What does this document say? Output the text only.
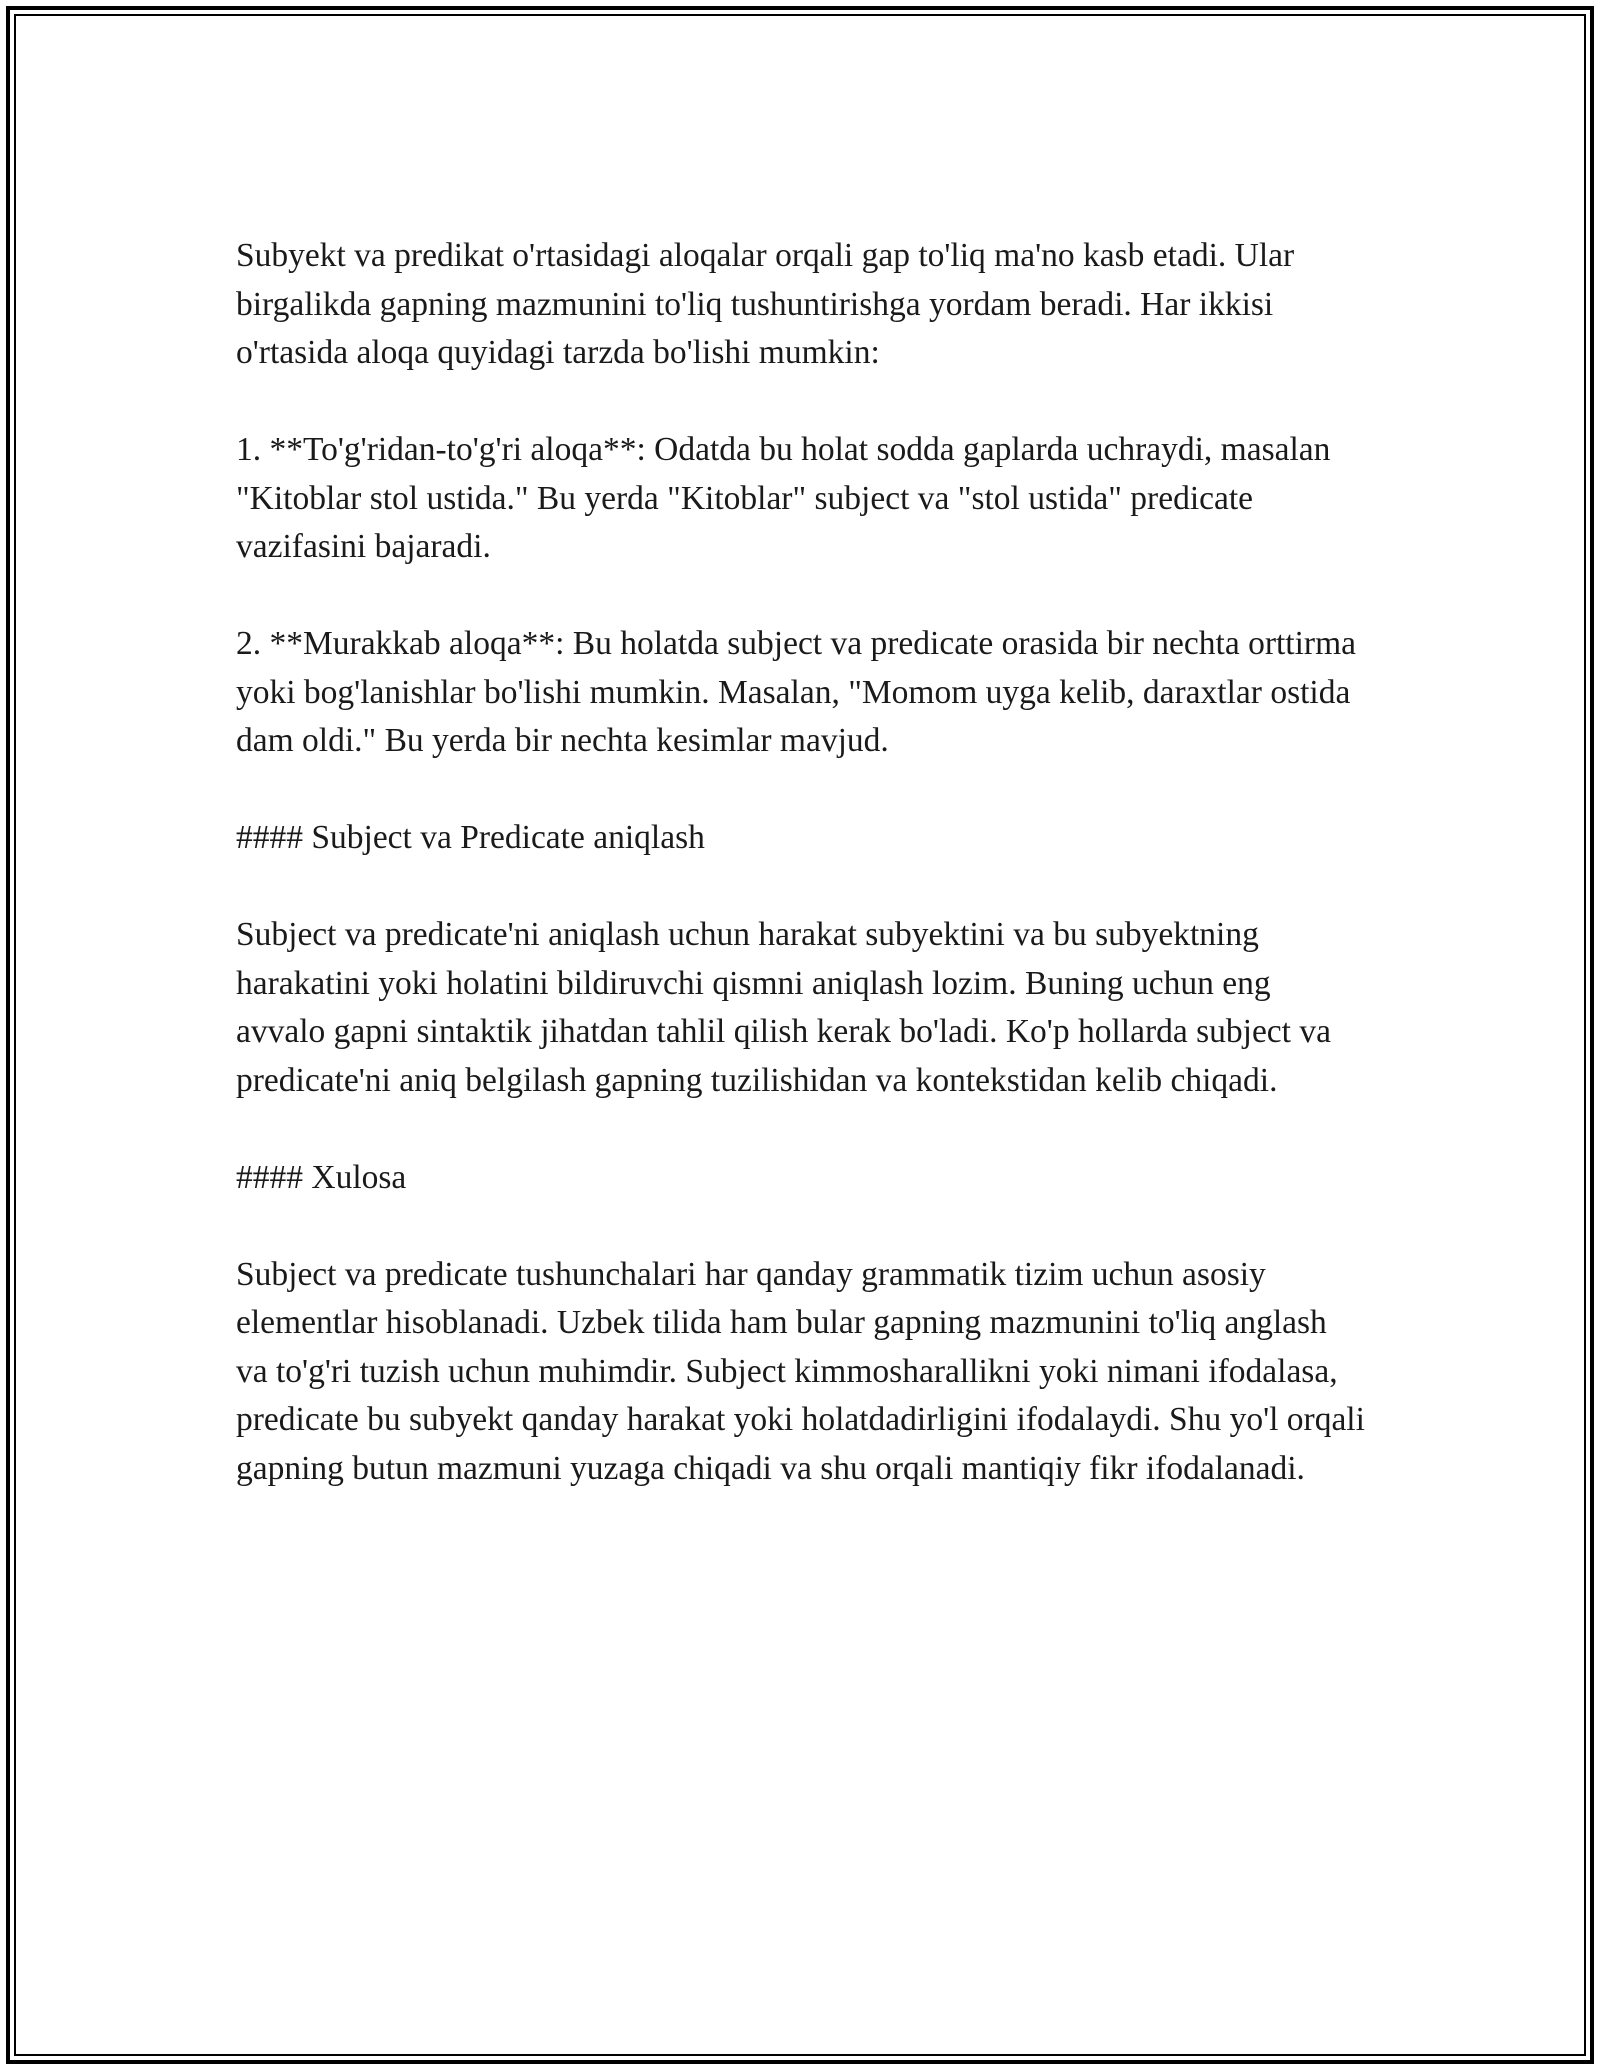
Subyekt va predikat o'rtasidagi aloqalar orqali gap to'liq ma'no kasb etadi. Ular birgalikda gapning mazmunini to'liq tushuntirishga yordam beradi. Har ikkisi o'rtasida aloqa quyidagi tarzda bo'lishi mumkin:

1. **To'g'ridan-to'g'ri aloqa**: Odatda bu holat sodda gaplarda uchraydi, masalan "Kitoblar stol ustida." Bu yerda "Kitoblar" subject va "stol ustida" predicate vazifasini bajaradi.

2. **Murakkab aloqa**: Bu holatda subject va predicate orasida bir nechta orttirma yoki bog'lanishlar bo'lishi mumkin. Masalan, "Momom uyga kelib, daraxtlar ostida dam oldi." Bu yerda bir nechta kesimlar mavjud.

#### Subject va Predicate aniqlash

Subject va predicate'ni aniqlash uchun harakat subyektini va bu subyektning harakatini yoki holatini bildiruvchi qismni aniqlash lozim. Buning uchun eng avvalo gapni sintaktik jihatdan tahlil qilish kerak bo'ladi. Ko'p hollarda subject va predicate'ni aniq belgilash gapning tuzilishidan va kontekstidan kelib chiqadi.

#### Xulosa

Subject va predicate tushunchalari har qanday grammatik tizim uchun asosiy elementlar hisoblanadi. Uzbek tilida ham bular gapning mazmunini to'liq anglash va to'g'ri tuzish uchun muhimdir. Subject kimmosharallikni yoki nimani ifodalasa, predicate bu subyekt qanday harakat yoki holatdadirligini ifodalaydi. Shu yo'l orqali gapning butun mazmuni yuzaga chiqadi va shu orqali mantiqiy fikr ifodalanadi.
